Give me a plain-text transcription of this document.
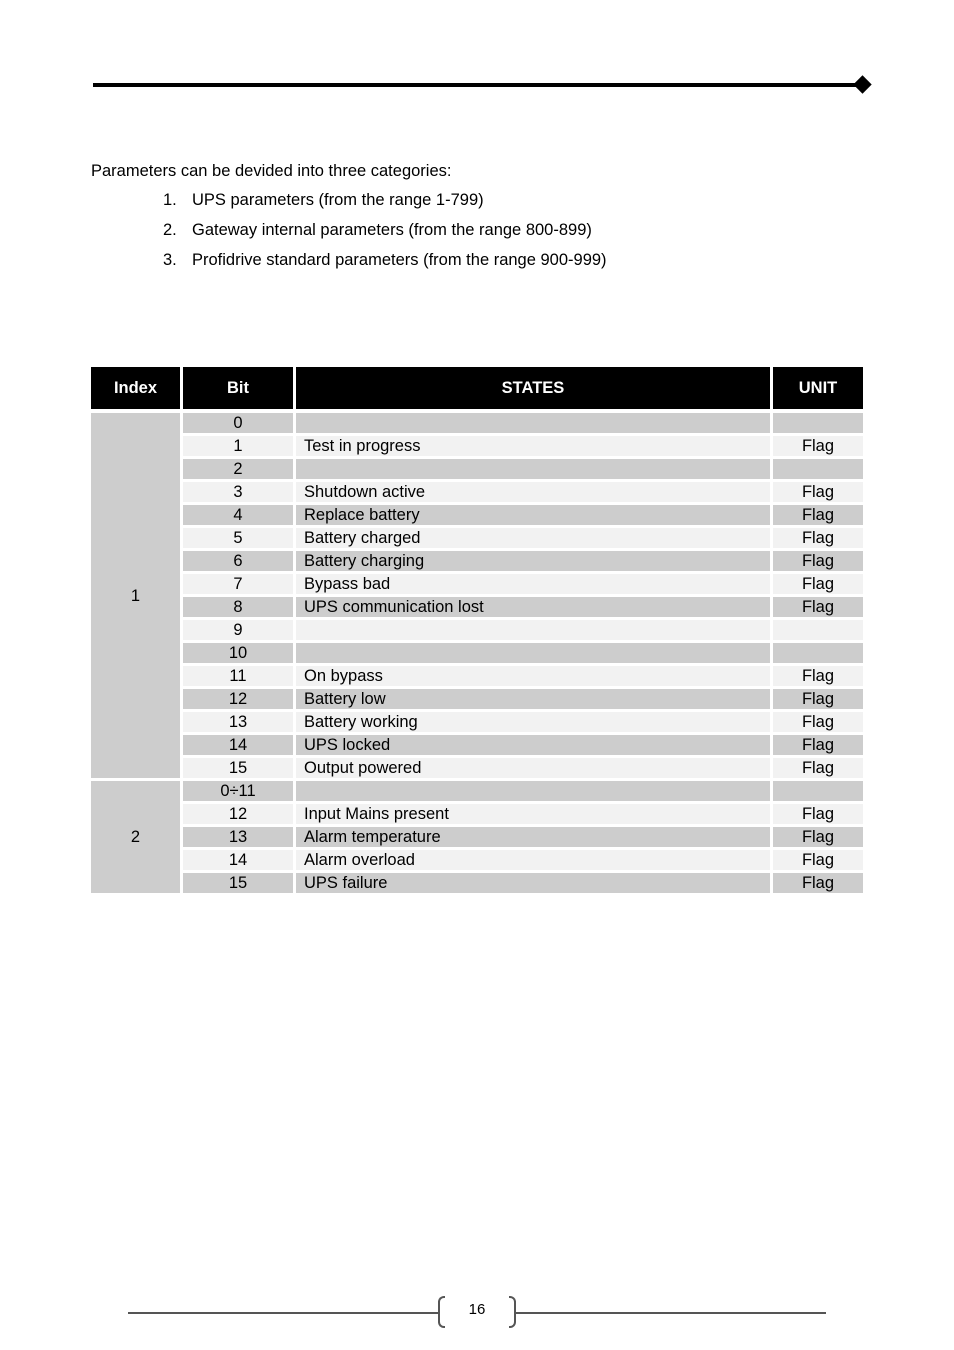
Parameters can be devided into three categories:
1. UPS parameters (from the range 1-799)
2. Gateway internal parameters (from the range 800-899)
3. Profidrive standard parameters (from the range 900-999)
Index	Bit	STATES	UNIT
1	0		
	1	Test in progress	Flag
	2		
	3	Shutdown active	Flag
	4	Replace battery	Flag
	5	Battery charged	Flag
	6	Battery charging	Flag
	7	Bypass bad	Flag
	8	UPS communication lost	Flag
	9		
	10		
	11	On bypass	Flag
	12	Battery low	Flag
	13	Battery working	Flag
	14	UPS locked	Flag
	15	Output powered	Flag
2	0÷11		
	12	Input Mains present	Flag
	13	Alarm temperature	Flag
	14	Alarm overload	Flag
	15	UPS failure	Flag
16
